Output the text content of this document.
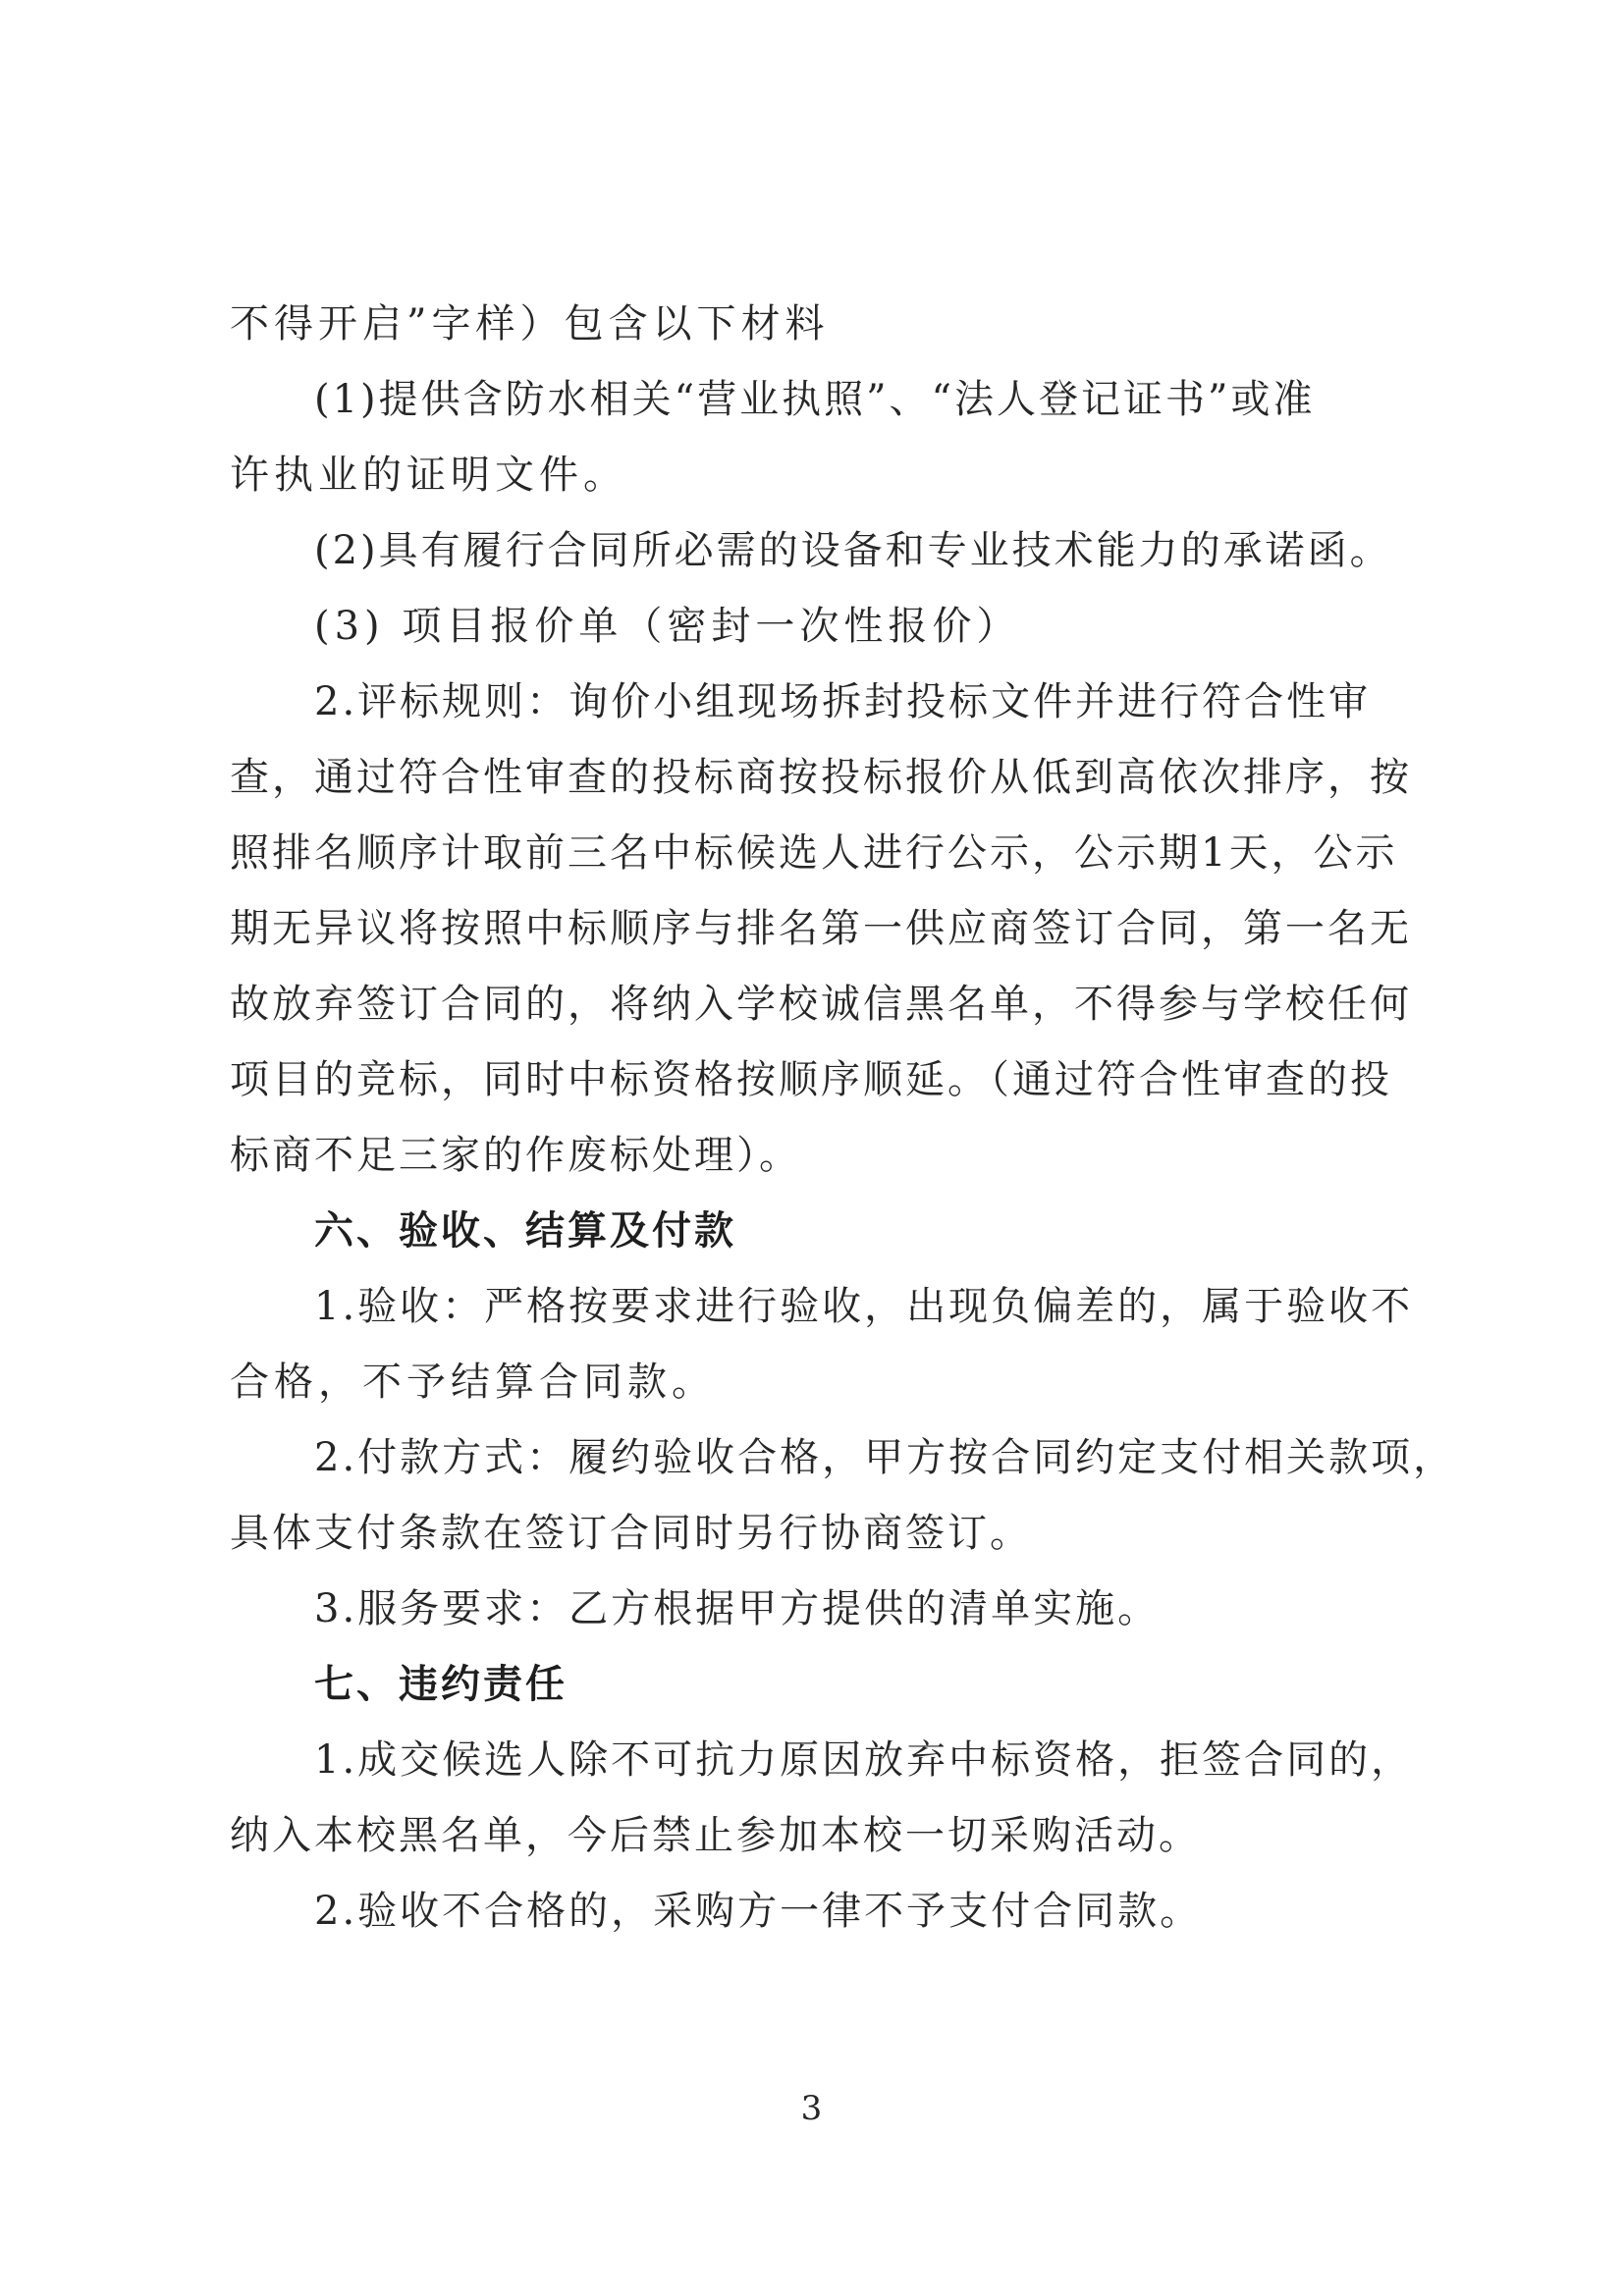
不得开启”字样）包含以下材料
(1)提供含防水相关“营业执照”、“法人登记证书”或准
许执业的证明文件。
(2)具有履行合同所必需的设备和专业技术能力的承诺函。
(3) 项目报价单（密封一次性报价）
2.评标规则：询价小组现场拆封投标文件并进行符合性审
查，通过符合性审查的投标商按投标报价从低到高依次排序，按
照排名顺序计取前三名中标候选人进行公示，公示期1天，公示
期无异议将按照中标顺序与排名第一供应商签订合同，第一名无
故放弃签订合同的，将纳入学校诚信黑名单，不得参与学校任何
项目的竞标，同时中标资格按顺序顺延。（通过符合性审查的投
标商不足三家的作废标处理）。
六、验收、结算及付款
1.验收：严格按要求进行验收，出现负偏差的，属于验收不
合格，不予结算合同款。
2.付款方式：履约验收合格，甲方按合同约定支付相关款项，
具体支付条款在签订合同时另行协商签订。
3.服务要求：乙方根据甲方提供的清单实施。
七、违约责任
1.成交候选人除不可抗力原因放弃中标资格，拒签合同的，
纳入本校黑名单，今后禁止参加本校一切采购活动。
2.验收不合格的，采购方一律不予支付合同款。
3
